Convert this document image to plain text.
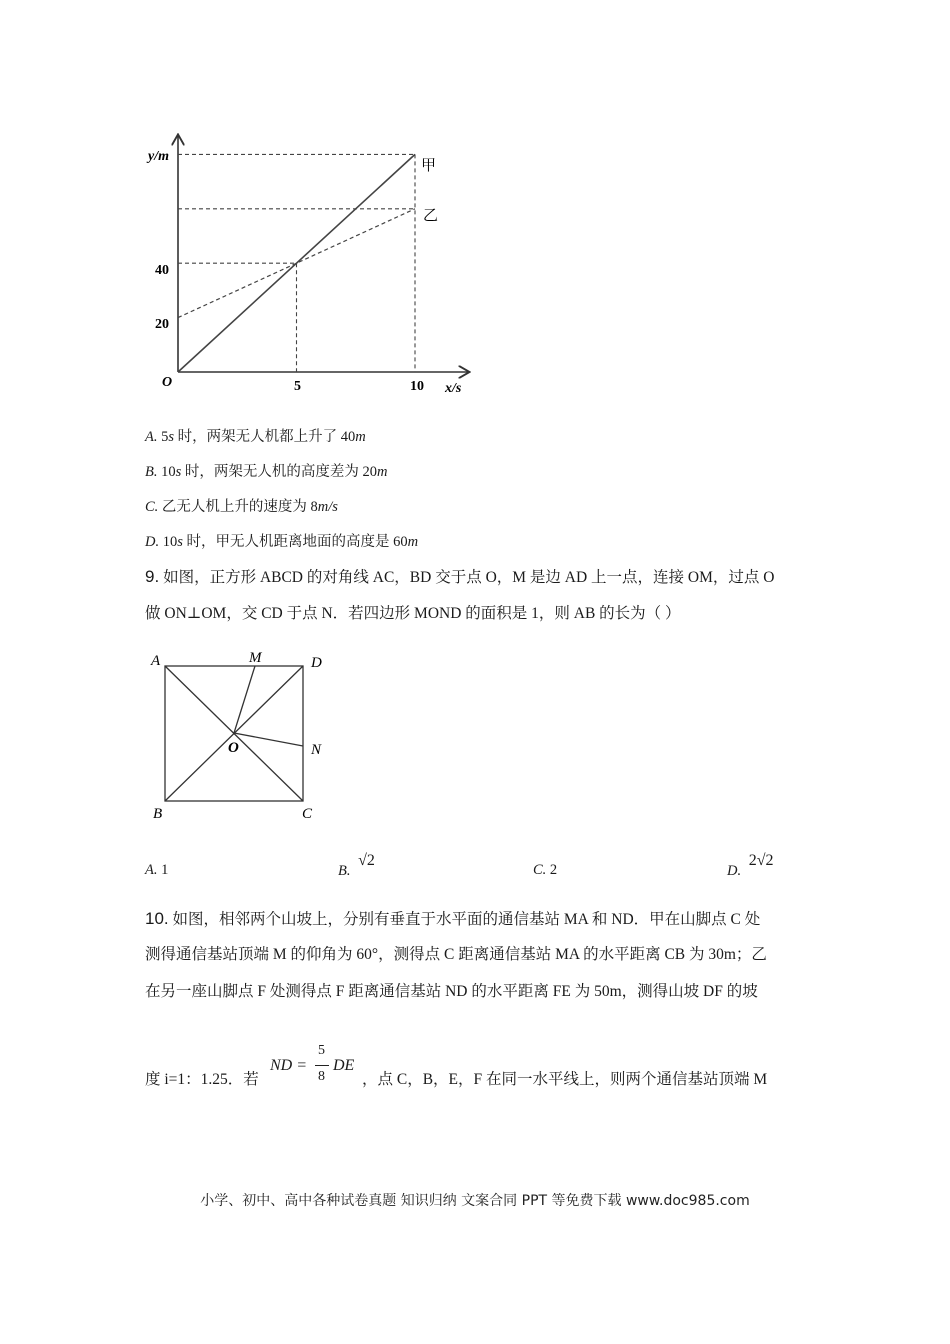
y/m
x/s
O
40
20
5	10
甲
乙
A. 5s 时，两架无人机都上升了 40m
B. 10s 时，两架无人机的高度差为 20m
C. 乙无人机上升的速度为 8m/s
D. 10s 时，甲无人机距离地面的高度是 60m
9. 如图，正方形 ABCD 的对角线 AC，BD 交于点 O，M 是边 AD 上一点，连接 OM，过点 O
做 ON⊥OM，交 CD 于点 N．若四边形 MOND 的面积是 1，则 AB 的长为（ ）
A	M	D
O	N
B	C
A. 1	B. √2
C. 2	D. 2√2
10. 如图，相邻两个山坡上，分别有垂直于水平面的通信基站 MA 和 ND．甲在山脚点 C 处
测得通信基站顶端 M 的仰角为 60°，测得点 C 距离通信基站 MA 的水平距离 CB 为 30m；乙
在另一座山脚点 F 处测得点 F 距离通信基站 ND 的水平距离 FE 为 50m，测得山坡 DF 的坡
度 i=1：1.25．若
ND =
5
8
DE
，点 C，B，E，F 在同一水平线上，则两个通信基站顶端 M
小学、初中、高中各种试卷真题 知识归纳 文案合同 PPT 等免费下载 www.doc985.com
